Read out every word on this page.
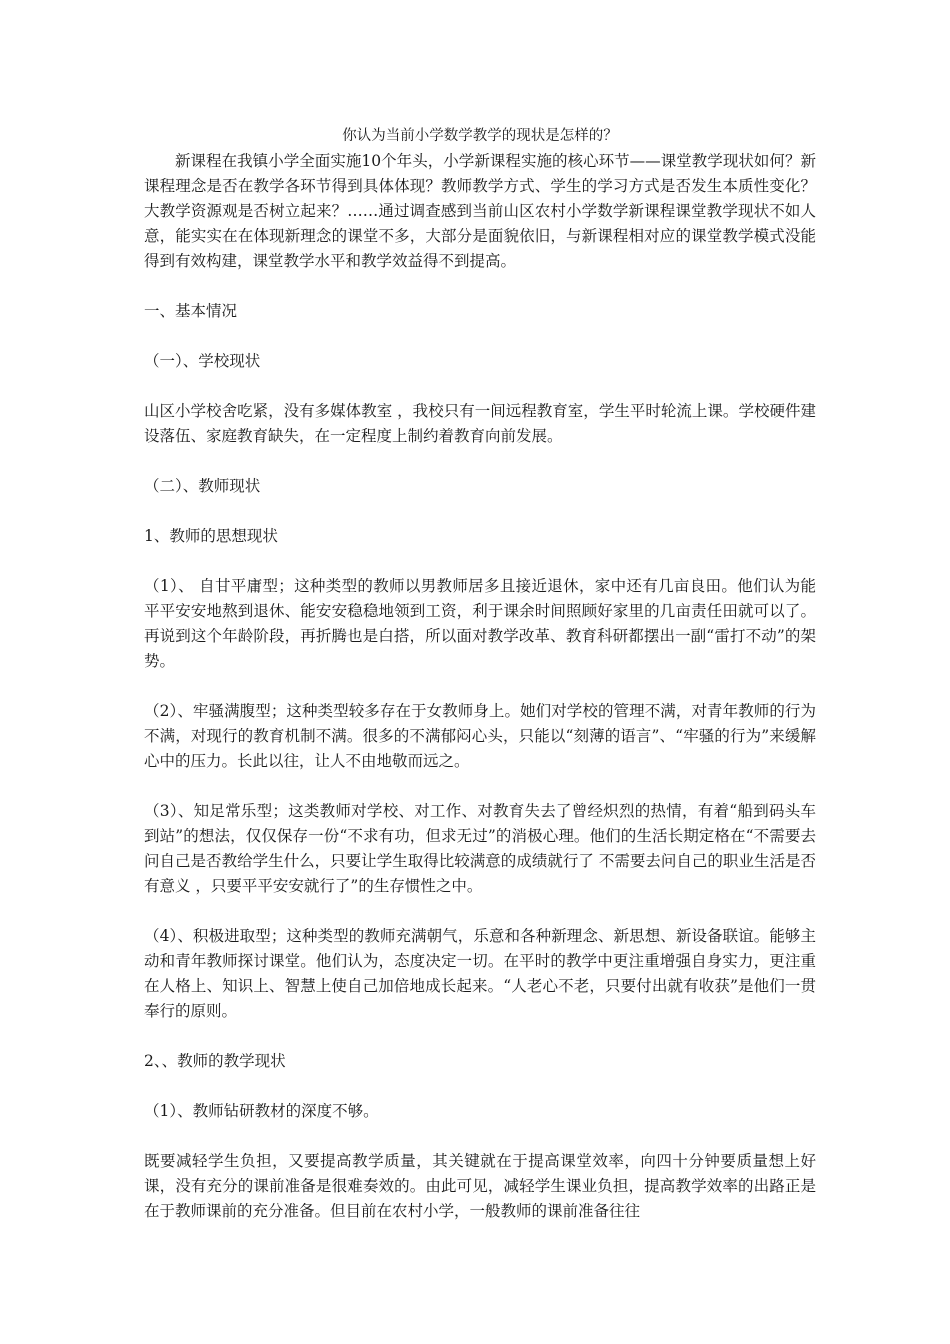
你认为当前小学数学教学的现状是怎样的？

新课程在我镇小学全面实施10个年头，小学新课程实施的核心环节——课堂教学现状如何？新课程理念是否在教学各环节得到具体体现？教师教学方式、学生的学习方式是否发生本质性变化？大教学资源观是否树立起来？……通过调查感到当前山区农村小学数学新课程课堂教学现状不如人意，能实实在在体现新理念的课堂不多，大部分是面貌依旧，与新课程相对应的课堂教学模式没能得到有效构建，课堂教学水平和教学效益得不到提高。

一、基本情况

（一）、学校现状

山区小学校舍吃紧，没有多媒体教室 ，我校只有一间远程教育室，学生平时轮流上课。学校硬件建设落伍、家庭教育缺失，在一定程度上制约着教育向前发展。

（二）、教师现状

1、教师的思想现状

（1）、 自甘平庸型；这种类型的教师以男教师居多且接近退休，家中还有几亩良田。他们认为能平平安安地熬到退休、能安安稳稳地领到工资，利于课余时间照顾好家里的几亩责任田就可以了。再说到这个年龄阶段，再折腾也是白搭，所以面对教学改革、教育科研都摆出一副“雷打不动”的架势。

（2）、牢骚满腹型；这种类型较多存在于女教师身上。她们对学校的管理不满，对青年教师的行为不满，对现行的教育机制不满。很多的不满郁闷心头，只能以“刻薄的语言”、“牢骚的行为”来缓解心中的压力。长此以往，让人不由地敬而远之。

（3）、知足常乐型；这类教师对学校、对工作、对教育失去了曾经炽烈的热情，有着“船到码头车到站”的想法，仅仅保存一份“不求有功，但求无过”的消极心理。他们的生活长期定格在“不需要去问自己是否教给学生什么，只要让学生取得比较满意的成绩就行了 不需要去问自己的职业生活是否有意义 ，只要平平安安就行了”的生存惯性之中。

（4）、积极进取型；这种类型的教师充满朝气，乐意和各种新理念、新思想、新设备联谊。能够主动和青年教师探讨课堂。他们认为，态度决定一切。在平时的教学中更注重增强自身实力，更注重在人格上、知识上、智慧上使自己加倍地成长起来。“人老心不老，只要付出就有收获”是他们一贯 奉行的原则。

2、、教师的教学现状

（1）、教师钻研教材的深度不够。

既要减轻学生负担，又要提高教学质量，其关键就在于提高课堂效率，向四十分钟要质量想上好课，没有充分的课前准备是很难奏效的。由此可见，减轻学生课业负担，提高教学效率的出路正是在于教师课前的充分准备。但目前在农村小学，一般教师的课前准备往往
